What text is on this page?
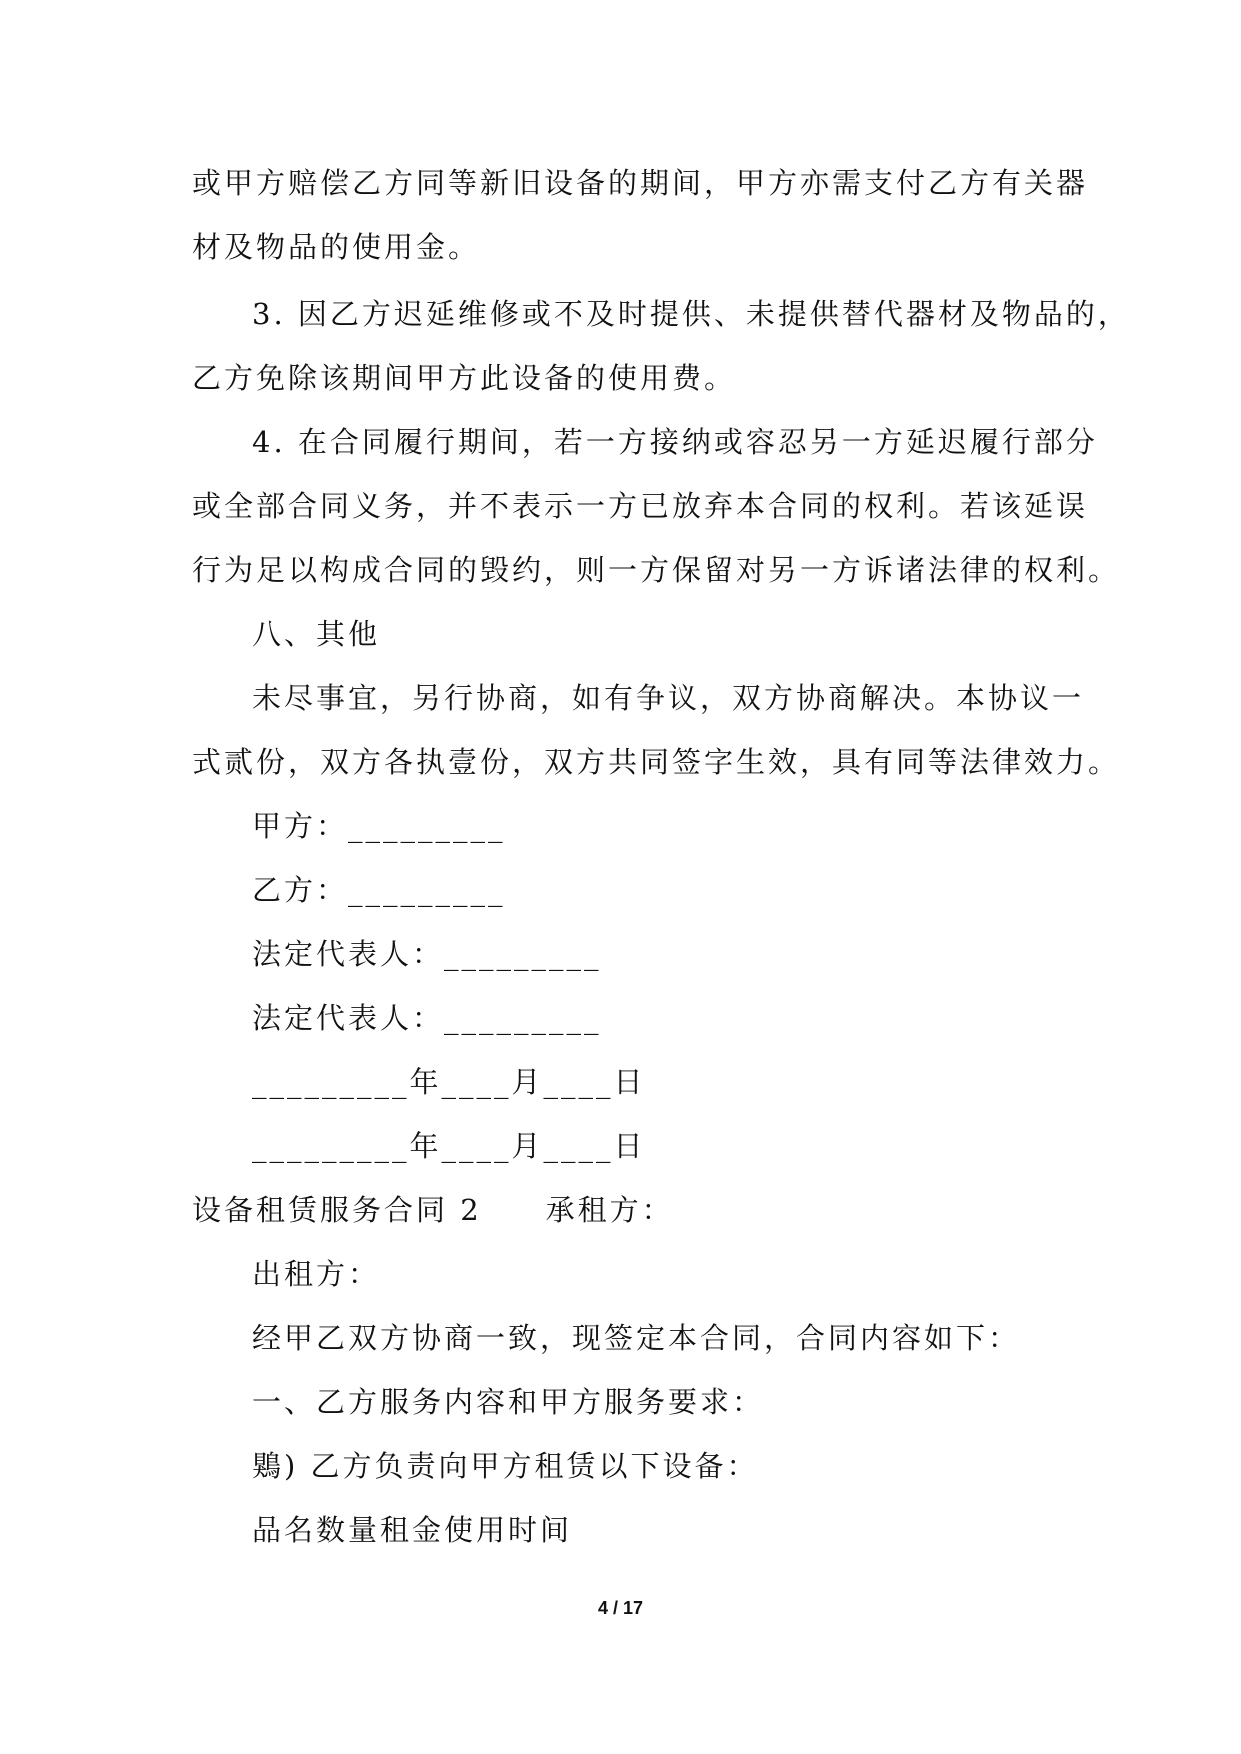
或甲方赔偿乙方同等新旧设备的期间，甲方亦需支付乙方有关器
材及物品的使用金。
3. 因乙方迟延维修或不及时提供、未提供替代器材及物品的，
乙方免除该期间甲方此设备的使用费。
4. 在合同履行期间，若一方接纳或容忍另一方延迟履行部分
或全部合同义务，并不表示一方已放弃本合同的权利。若该延误
行为足以构成合同的毁约，则一方保留对另一方诉诸法律的权利。
八、其他
未尽事宜，另行协商，如有争议，双方协商解决。本协议一
式贰份，双方各执壹份，双方共同签字生效，具有同等法律效力。
甲方：_________
乙方：_________
法定代表人：_________
法定代表人：_________
_________年____月____日
_________年____月____日
设备租赁服务合同 2　　承租方：
出租方：
经甲乙双方协商一致，现签定本合同，合同内容如下：
一、乙方服务内容和甲方服务要求：
鶪) 乙方负责向甲方租赁以下设备：
品名数量租金使用时间
4 / 17
